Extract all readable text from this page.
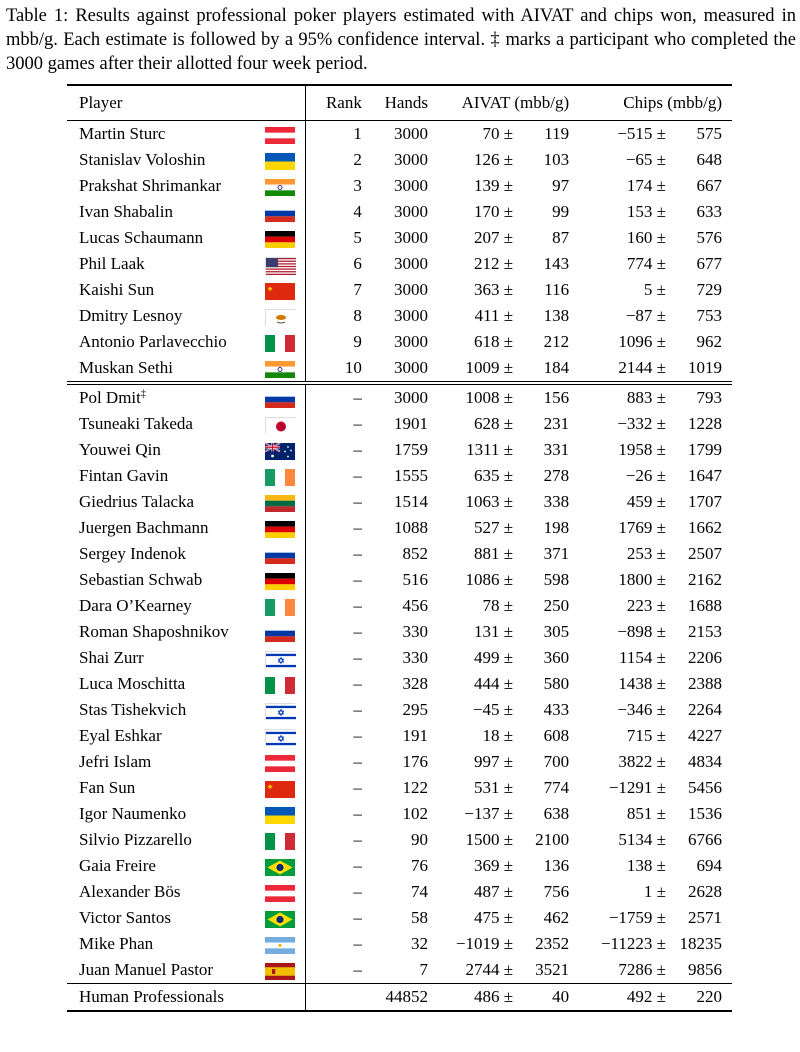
Table 1: Results against professional poker players estimated with AIVAT and chips won, measured in mbb/g. Each estimate is followed by a 95% confidence interval. ‡ marks a participant who completed the 3000 games after their allotted four week period.
Player		Rank	Hands	AIVAT (mbb/g)	Chips (mbb/g)
Martin Sturc		1	3000	70 ± 119	−515 ± 575
Stanislav Voloshin		2	3000	126 ± 103	−65 ± 648
Prakshat Shrimankar		3	3000	139 ± 97	174 ± 667
Ivan Shabalin		4	3000	170 ± 99	153 ± 633
Lucas Schaumann		5	3000	207 ± 87	160 ± 576
Phil Laak		6	3000	212 ± 143	774 ± 677
Kaishi Sun	★	7	3000	363 ± 116	5 ± 729
Dmitry Lesnoy		8	3000	411 ± 138	−87 ± 753
Antonio Parlavecchio		9	3000	618 ± 212	1096 ± 962
Muskan Sethi		10	3000	1009 ± 184	2144 ± 1019
Pol Dmit‡		–	3000	1008 ± 156	883 ± 793
Tsuneaki Takeda		–	1901	628 ± 231	−332 ± 1228
Youwei Qin		–	1759	1311 ± 331	1958 ± 1799
Fintan Gavin		–	1555	635 ± 278	−26 ± 1647
Giedrius Talacka		–	1514	1063 ± 338	459 ± 1707
Juergen Bachmann		–	1088	527 ± 198	1769 ± 1662
Sergey Indenok		–	852	881 ± 371	253 ± 2507
Sebastian Schwab		–	516	1086 ± 598	1800 ± 2162
Dara O’Kearney		–	456	78 ± 250	223 ± 1688
Roman Shaposhnikov		–	330	131 ± 305	−898 ± 2153
Shai Zurr		–	330	499 ± 360	1154 ± 2206
Luca Moschitta		–	328	444 ± 580	1438 ± 2388
Stas Tishekvich		–	295	−45 ± 433	−346 ± 2264
Eyal Eshkar		–	191	18 ± 608	715 ± 4227
Jefri Islam		–	176	997 ± 700	3822 ± 4834
Fan Sun	★	–	122	531 ± 774	−1291 ± 5456
Igor Naumenko		–	102	−137 ± 638	851 ± 1536
Silvio Pizzarello		–	90	1500 ± 2100	5134 ± 6766
Gaia Freire		–	76	369 ± 136	138 ± 694
Alexander Bös		–	74	487 ± 756	1 ± 2628
Victor Santos		–	58	475 ± 462	−1759 ± 2571
Mike Phan		–	32	−1019 ± 2352	−11223 ± 18235
Juan Manuel Pastor		–	7	2744 ± 3521	7286 ± 9856
Human Professionals			44852	486 ± 40	492 ± 220
